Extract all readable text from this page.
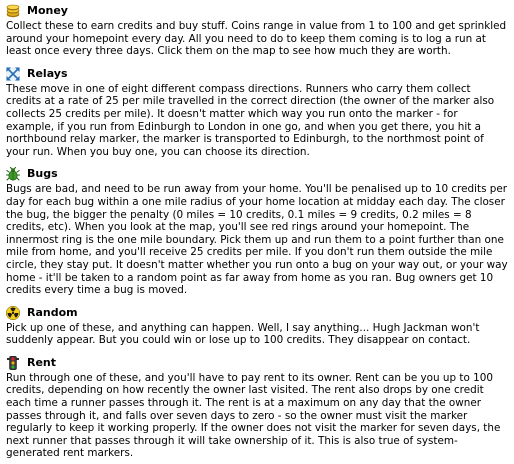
Money
Collect these to earn credits and buy stuff. Coins range in value from 1 to 100 and get sprinkled around your homepoint every day. All you need to do to keep them coming is to log a run at least once every three days. Click them on the map to see how much they are worth.
Relays
These move in one of eight different compass directions. Runners who carry them collect credits at a rate of 25 per mile travelled in the correct direction (the owner of the marker also collects 25 credits per mile). It doesn't matter which way you run onto the marker - for example, if you run from Edinburgh to London in one go, and when you get there, you hit a northbound relay marker, the marker is transported to Edinburgh, to the northmost point of your run. When you buy one, you can choose its direction.
Bugs
Bugs are bad, and need to be run away from your home. You'll be penalised up to 10 credits per day for each bug within a one mile radius of your home location at midday each day. The closer the bug, the bigger the penalty (0 miles = 10 credits, 0.1 miles = 9 credits, 0.2 miles = 8 credits, etc). When you look at the map, you'll see red rings around your homepoint. The innermost ring is the one mile boundary. Pick them up and run them to a point further than one mile from home, and you'll receive 25 credits per mile. If you don't run them outside the mile circle, they stay put. It doesn't matter whether you run onto a bug on your way out, or your way home - it'll be taken to a random point as far away from home as you ran. Bug owners get 10 credits every time a bug is moved.
Random
Pick up one of these, and anything can happen. Well, I say anything... Hugh Jackman won't suddenly appear. But you could win or lose up to 100 credits. They disappear on contact.
Rent
Run through one of these, and you'll have to pay rent to its owner. Rent can be you up to 100 credits, depending on how recently the owner last visited. The rent also drops by one credit each time a runner passes through it. The rent is at a maximum on any day that the owner passes through it, and falls over seven days to zero - so the owner must visit the marker regularly to keep it working properly. If the owner does not visit the marker for seven days, the next runner that passes through it will take ownership of it. This is also true of system-generated rent markers.
